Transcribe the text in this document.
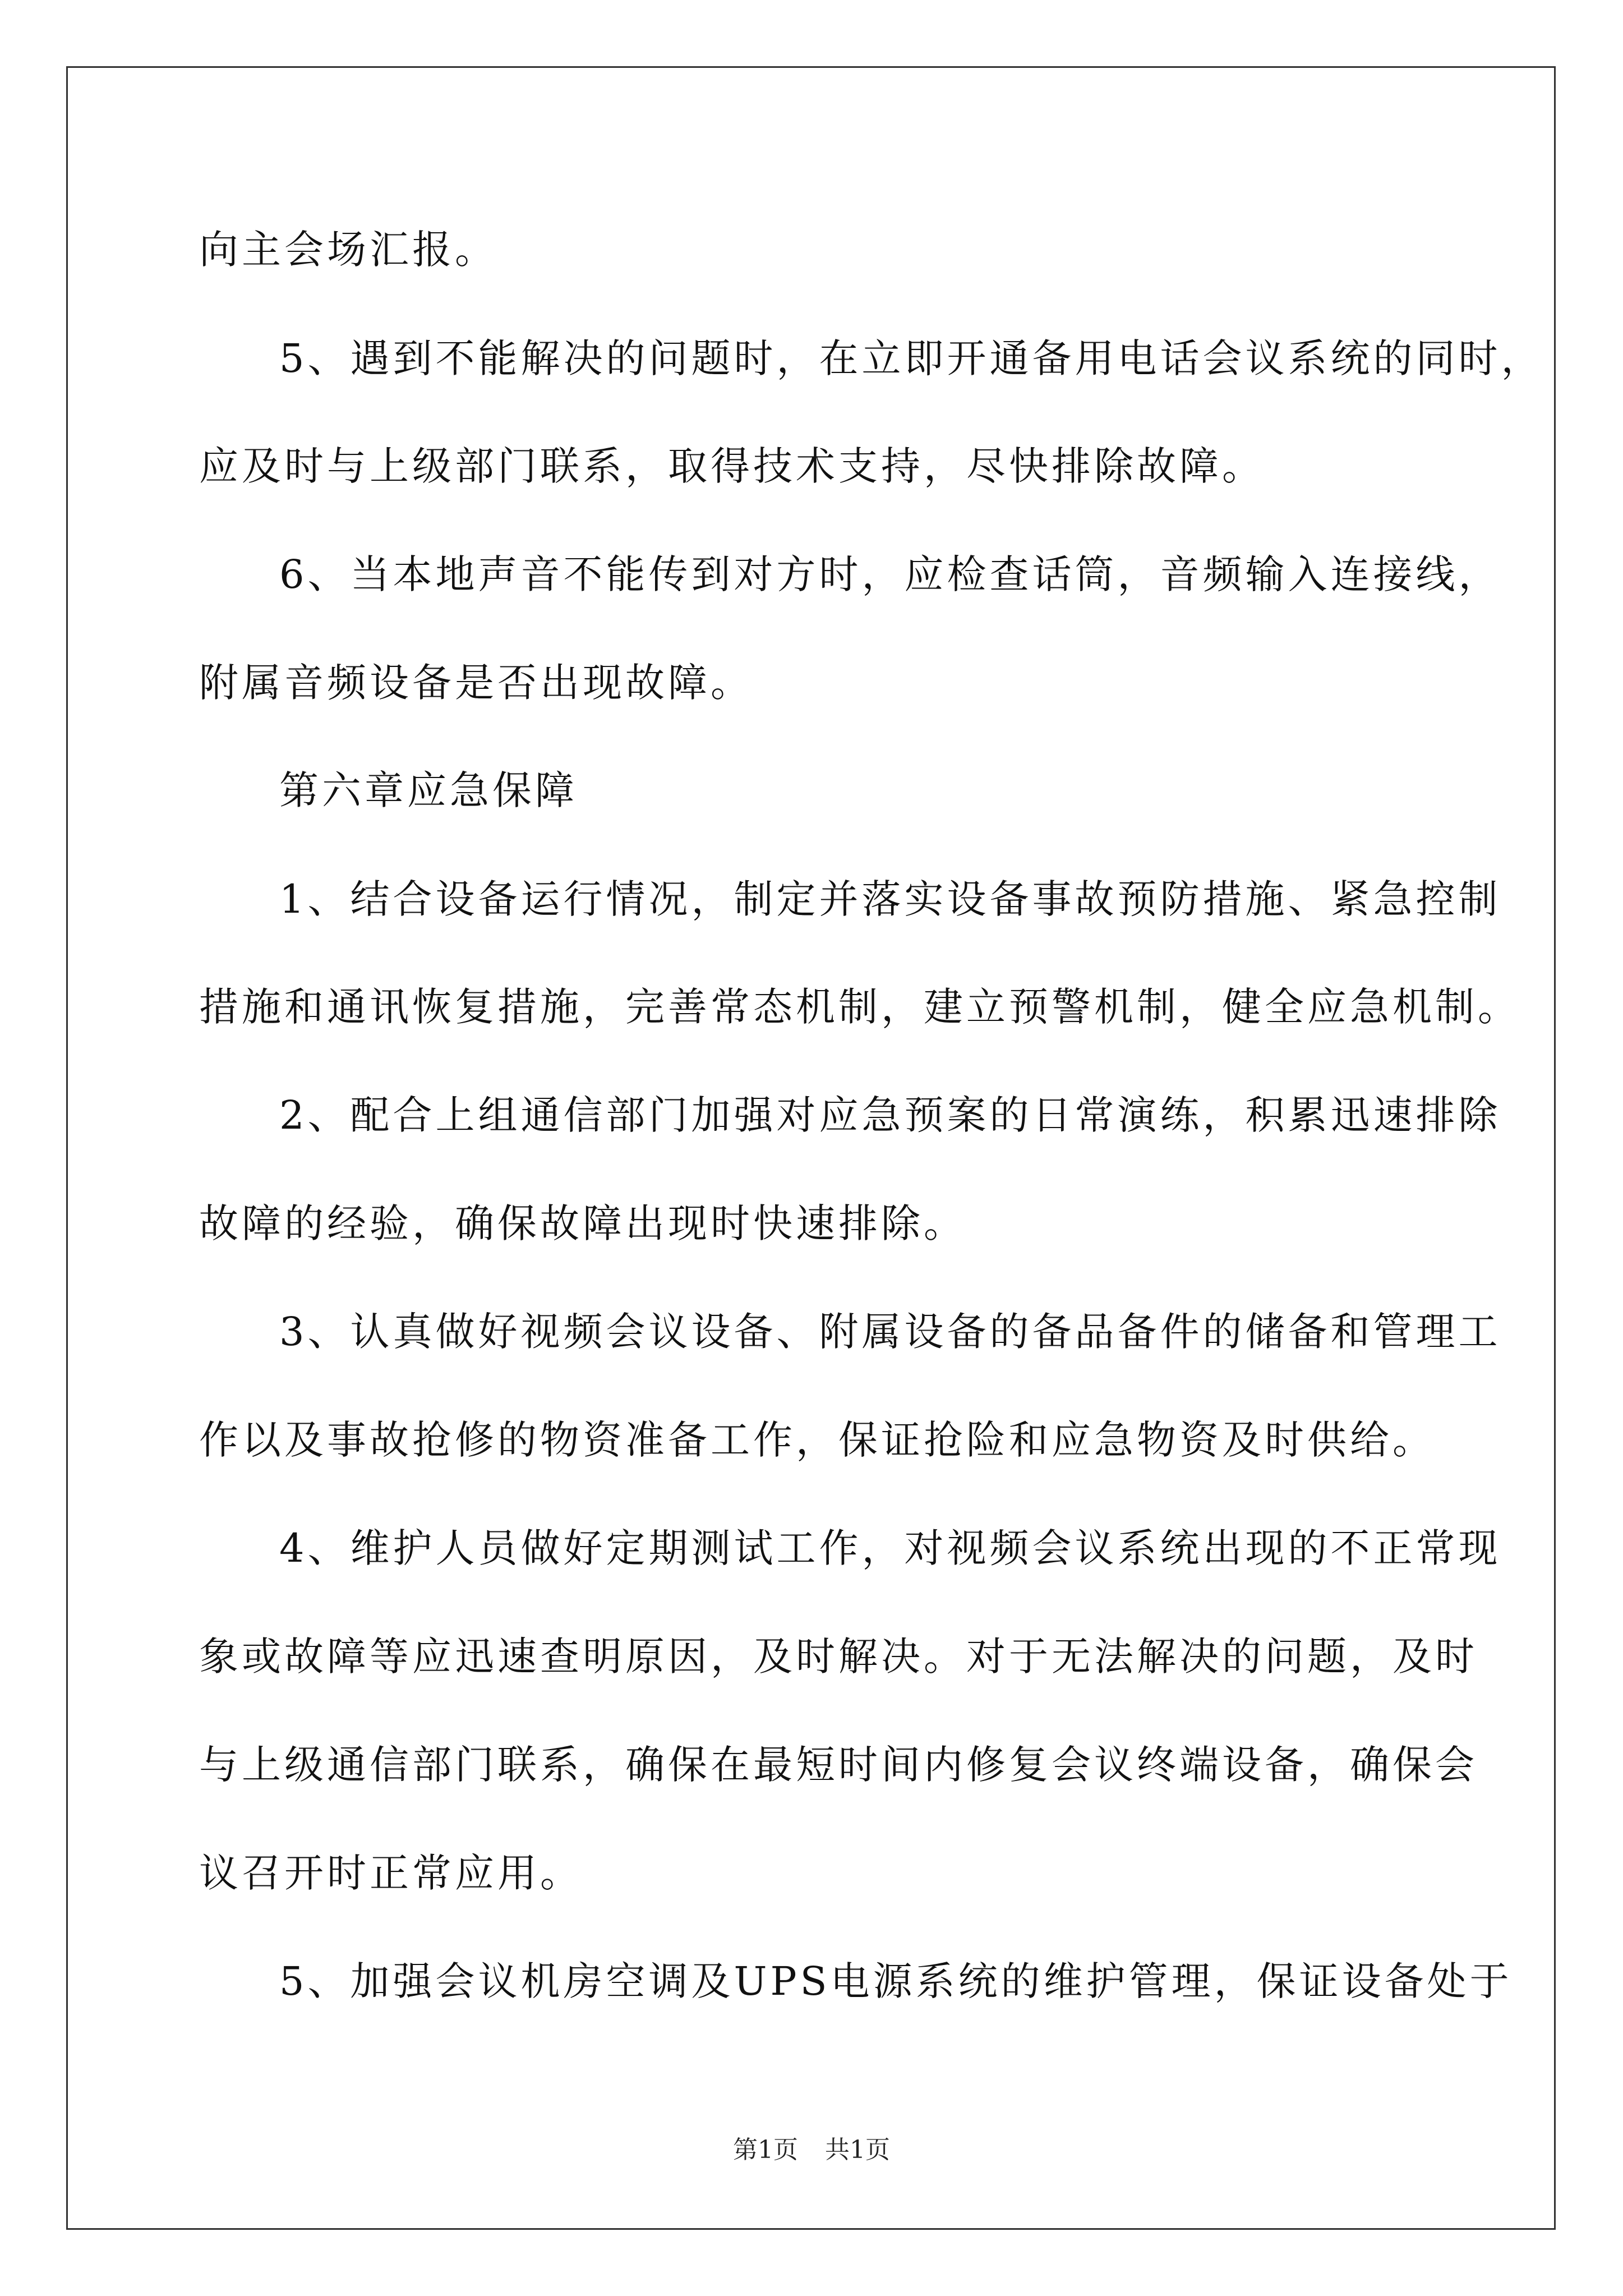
向主会场汇报。
5、遇到不能解决的问题时，在立即开通备用电话会议系统的同时，
应及时与上级部门联系，取得技术支持，尽快排除故障。
6、当本地声音不能传到对方时，应检查话筒，音频输入连接线，
附属音频设备是否出现故障。
第六章应急保障
1、结合设备运行情况，制定并落实设备事故预防措施、紧急控制
措施和通讯恢复措施，完善常态机制，建立预警机制，健全应急机制。
2、配合上组通信部门加强对应急预案的日常演练，积累迅速排除
故障的经验，确保故障出现时快速排除。
3、认真做好视频会议设备、附属设备的备品备件的储备和管理工
作以及事故抢修的物资准备工作，保证抢险和应急物资及时供给。
4、维护人员做好定期测试工作，对视频会议系统出现的不正常现
象或故障等应迅速查明原因，及时解决。对于无法解决的问题，及时
与上级通信部门联系，确保在最短时间内修复会议终端设备，确保会
议召开时正常应用。
5、加强会议机房空调及UPS电源系统的维护管理，保证设备处于
第1页 共1页
